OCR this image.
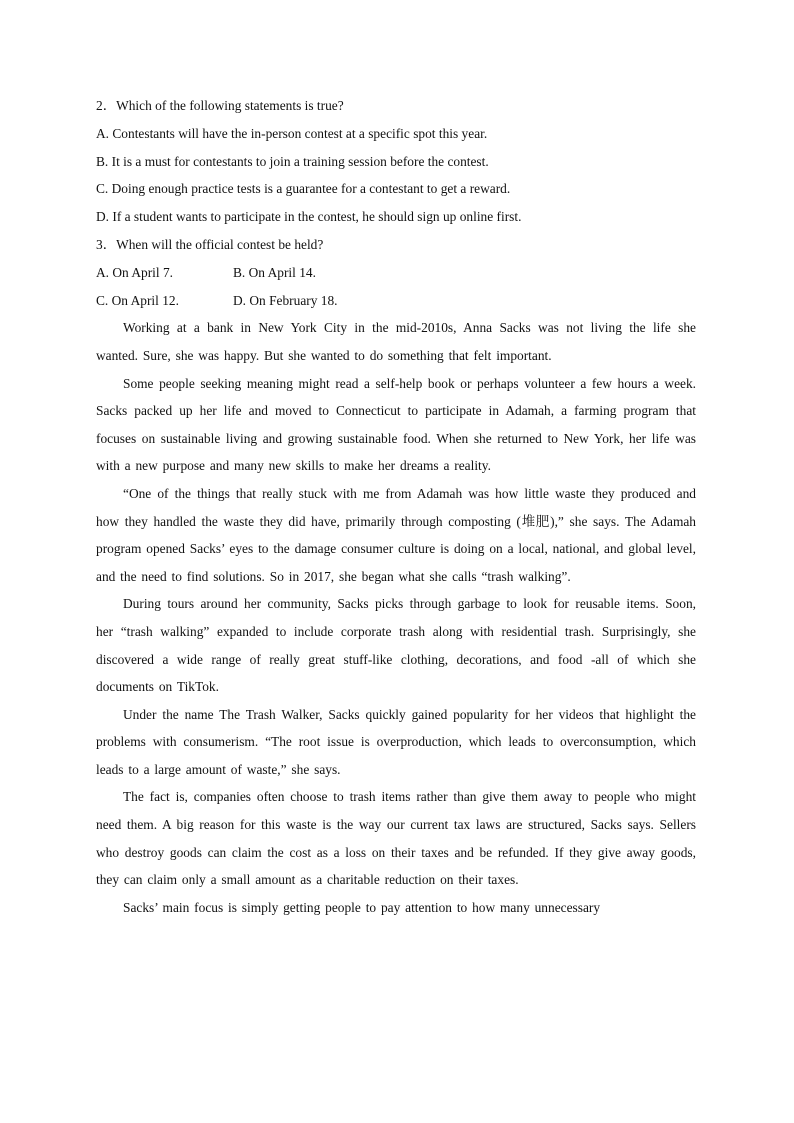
2．Which of the following statements is true?
A. Contestants will have the in-person contest at a specific spot this year.
B. It is a must for contestants to join a training session before the contest.
C. Doing enough practice tests is a guarantee for a contestant to get a reward.
D. If a student wants to participate in the contest, he should sign up online first.
3．When will the official contest be held?
A. On April 7.	B. On April 14.
C. On April 12.	D. On February 18.

Working at a bank in New York City in the mid-2010s, Anna Sacks was not living the life she wanted. Sure, she was happy. But she wanted to do something that felt important.

Some people seeking meaning might read a self-help book or perhaps volunteer a few hours a week. Sacks packed up her life and moved to Connecticut to participate in Adamah, a farming program that focuses on sustainable living and growing sustainable food. When she returned to New York, her life was with a new purpose and many new skills to make her dreams a reality.

“One of the things that really stuck with me from Adamah was how little waste they produced and how they handled the waste they did have, primarily through composting (堆肥),” she says. The Adamah program opened Sacks’ eyes to the damage consumer culture is doing on a local, national, and global level, and the need to find solutions. So in 2017, she began what she calls “trash walking”.

During tours around her community, Sacks picks through garbage to look for reusable items. Soon, her “trash walking” expanded to include corporate trash along with residential trash. Surprisingly, she discovered a wide range of really great stuff-like clothing, decorations, and food -all of which she documents on TikTok.

Under the name The Trash Walker, Sacks quickly gained popularity for her videos that highlight the problems with consumerism. “The root issue is overproduction, which leads to overconsumption, which leads to a large amount of waste,” she says.

The fact is, companies often choose to trash items rather than give them away to people who might need them. A big reason for this waste is the way our current tax laws are structured, Sacks says. Sellers who destroy goods can claim the cost as a loss on their taxes and be refunded. If they give away goods, they can claim only a small amount as a charitable reduction on their taxes.

Sacks’ main focus is simply getting people to pay attention to how many unnecessary
